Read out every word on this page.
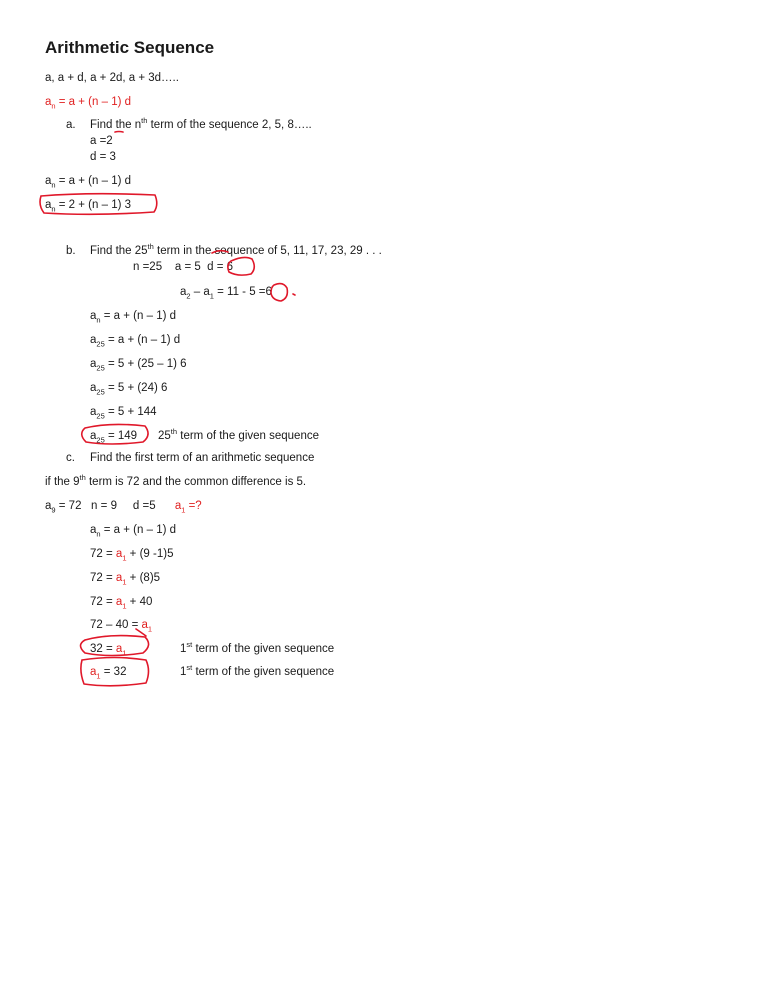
Arithmetic Sequence
a, a + d, a + 2d, a + 3d…..
$a_n = a + (n - 1)$ d
a. Find the $n^{th}$ term of the sequence 2, 5, 8…..
a =2
d = 3
$a_n = a + (n - 1)$ d
$a_n = 2 + (n - 1)$ 3
b. Find the 25th term in the sequence of 5, 11, 17, 23, 29 . . .
n =25    a = 5  d = 6
$a_2 - a_1 = 11 - 5 =6$
$a_n = a + (n - 1)$ d
$a_{25} = a + (n - 1)$ d
$a_{25} = 5 + (25 - 1)$ 6
$a_{25} = 5 + (24)$ 6
$a_{25} = 5 + 144$
$a_{25} = 149$ 25th term of the given sequence
c. Find the first term of an arithmetic sequence
if the 9th term is 72 and the common difference is 5.
$a_9 = 72$   n = 9     d =5      $a_1$ =?
$a_n = a + (n - 1)$ d
$72 = a_1 + (9$ -1)5
$72 = a_1 + (8)5$
$72 = a_1 + 40$
$72 - 40 = a_1$
$32 = a_1$	1st term of the given sequence
$a_1 = 32$	1st term of the given sequence
